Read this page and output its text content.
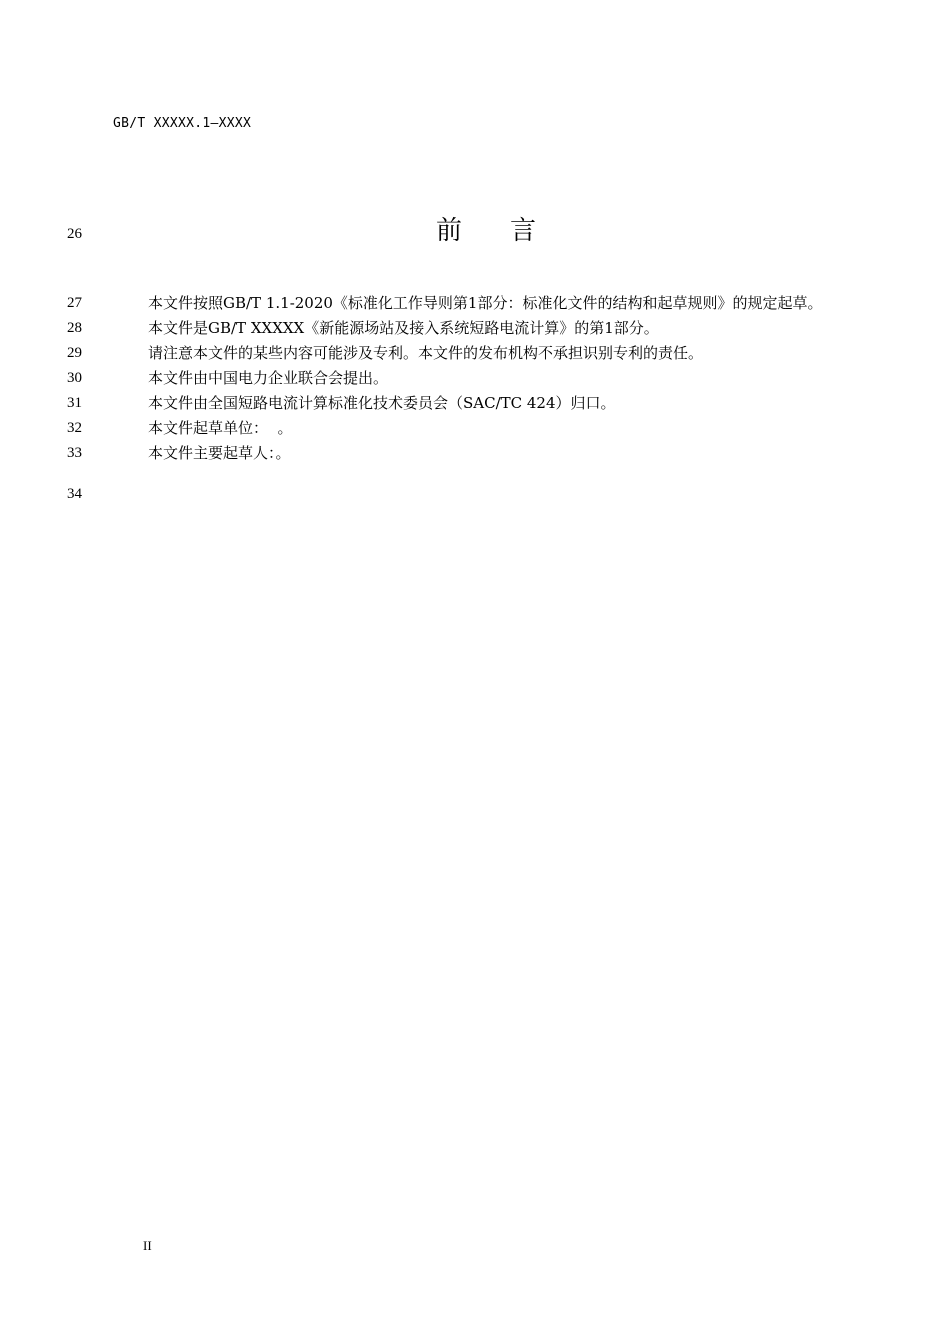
GB/T XXXXX.1—XXXX
26	前言
27	本文件按照GB/T 1.1-2020《标准化工作导则第1部分：标准化文件的结构和起草规则》的规定起草。
28	本文件是GB/T XXXXX《新能源场站及接入系统短路电流计算》的第1部分。
29	请注意本文件的某些内容可能涉及专利。本文件的发布机构不承担识别专利的责任。
30	本文件由中国电力企业联合会提出。
31	本文件由全国短路电流计算标准化技术委员会（SAC/TC 424）归口。
32	本文件起草单位：  。
33	本文件主要起草人：。
34
II
